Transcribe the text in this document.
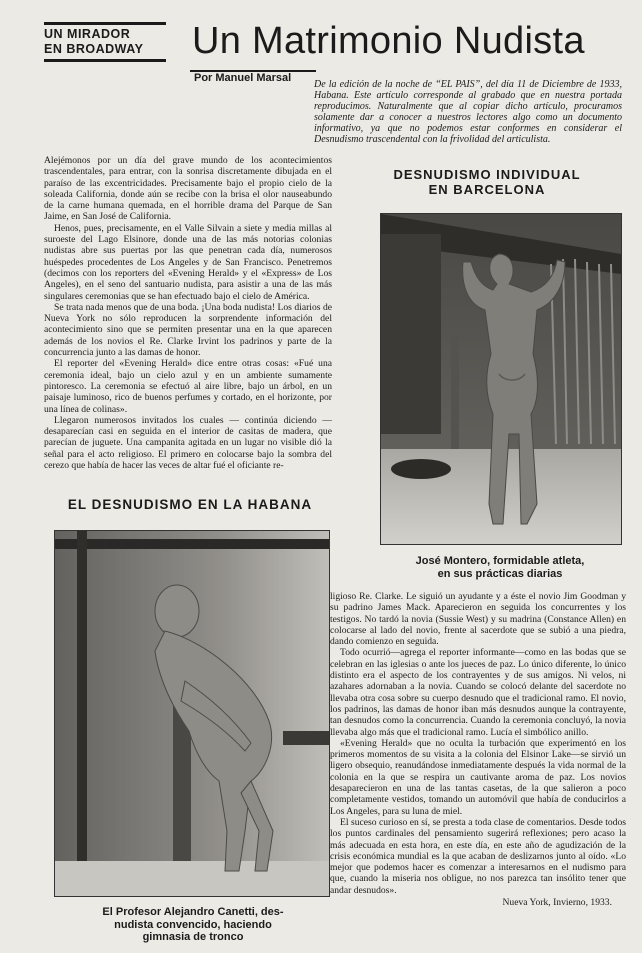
UN MIRADOR
EN BROADWAY	Un Matrimonio Nudista
Por Manuel Marsal
De la edición de la noche de “EL PAIS”, del día 11 de Diciembre de 1933, Habana. Este artículo corresponde al grabado que en nuestra portada reproducimos. Naturalmente que al copiar dicho artículo, procuramos solamente dar a conocer a nuestros lectores algo como un documento informativo, ya que no podemos estar conformes en considerar el Desnudismo trascendental con la frivolidad del articulista.

Alejémonos por un día del grave mundo de los acontecimientos trascendentales, para entrar, con la sonrisa discretamente dibujada en el paraíso de las excentricidades. Precisamente bajo el propio cielo de la soleada California, donde aún se recibe con la brisa el olor nauseabundo de la carne humana quemada, en el horrible drama del Parque de San Jaime, en San José de California.

Henos, pues, precisamente, en el Valle Silvain a siete y media millas al suroeste del Lago Elsinore, donde una de las más notorias colonias nudistas abre sus puertas por las que penetran cada día, numerosos huéspedes procedentes de Los Angeles y de San Francisco. Penetremos (decimos con los reporters del «Evening Herald» y el «Express» de Los Angeles), en el seno del santuario nudista, para asistir a una de las más singulares ceremonias que se han efectuado bajo el cielo de América.

Se trata nada menos que de una boda. ¡Una boda nudista! Los diarios de Nueva York no sólo reproducen la sorprendente información del acontecimiento sino que se permiten presentar una en la que aparecen además de los novios el Re. Clarke Irvint los padrinos y parte de la concurrencia junto a las damas de honor.

El reporter del «Evening Herald» dice entre otras cosas: «Fué una ceremonia ideal, bajo un cielo azul y en un ambiente sumamente pintoresco. La ceremonia se efectuó al aire libre, bajo un árbol, en un paisaje luminoso, rico de buenos perfumes y cortado, en el horizonte, por una línea de colinas».

Llegaron numerosos invitados los cuales — continúa diciendo — desaparecían casi en seguida en el interior de casitas de madera, que parecían de juguete. Una campanita agitada en un lugar no visible dió la señal para el acto religioso. El primero en colocarse bajo la sombra del cerezo que había de hacer las veces de altar fué el oficiante re-

DESNUDISMO INDIVIDUAL
EN BARCELONA
José Montero, formidable atleta,
en sus prácticas diarias
EL DESNUDISMO EN LA HABANA
El Profesor Alejandro Canetti, des-
nudista convencido, haciendo
gimnasia de tronco

ligioso Re. Clarke. Le siguió un ayudante y a éste el novio Jim Goodman y su padrino James Mack. Aparecieron en seguida los concurrentes y los testigos. No tardó la novia (Sussie West) y su madrina (Constance Allen) en colocarse al lado del novio, frente al sacerdote que se subió a una piedra, dando comienzo en seguida.

Todo ocurrió—agrega el reporter informante—como en las bodas que se celebran en las iglesias o ante los jueces de paz. Lo único diferente, lo único distinto era el aspecto de los contrayentes y de sus amigos. Ni velos, ni azahares adornaban a la novia. Cuando se colocó delante del sacerdote no llevaba otra cosa sobre su cuerpo desnudo que el tradicional ramo. El novio, los padrinos, las damas de honor iban más desnudos aunque la contrayente, tan desnudos como la concurrencia. Cuando la ceremonia concluyó, la novia llevaba algo más que el tradicional ramo. Lucía el simbólico anillo.

«Evening Herald» que no oculta la turbación que experimentó en los primeros momentos de su visita a la colonia del Elsinor Lake—se sirvió un ligero obsequio, reanudándose inmediatamente después la vida normal de la colonia en la que se respira un cautivante aroma de paz. Los novios desaparecieron en una de las tantas casetas, de la que salieron a poco completamente vestidos, tomando un automóvil que había de conducirlos a Los Angeles, para su luna de miel.

El suceso curioso en sí, se presta a toda clase de comentarios. Desde todos los puntos cardinales del pensamiento sugerirá reflexiones; pero acaso la más adecuada en esta hora, en este día, en este año de agudización de la crisis económica mundial es la que acaban de deslizarnos junto al oído. «Lo mejor que podemos hacer es comenzar a interesarnos en el nudismo para que, cuando la miseria nos obligue, no nos parezca tan insólito tener que andar desnudos».

Nueva York, Invierno, 1933.
